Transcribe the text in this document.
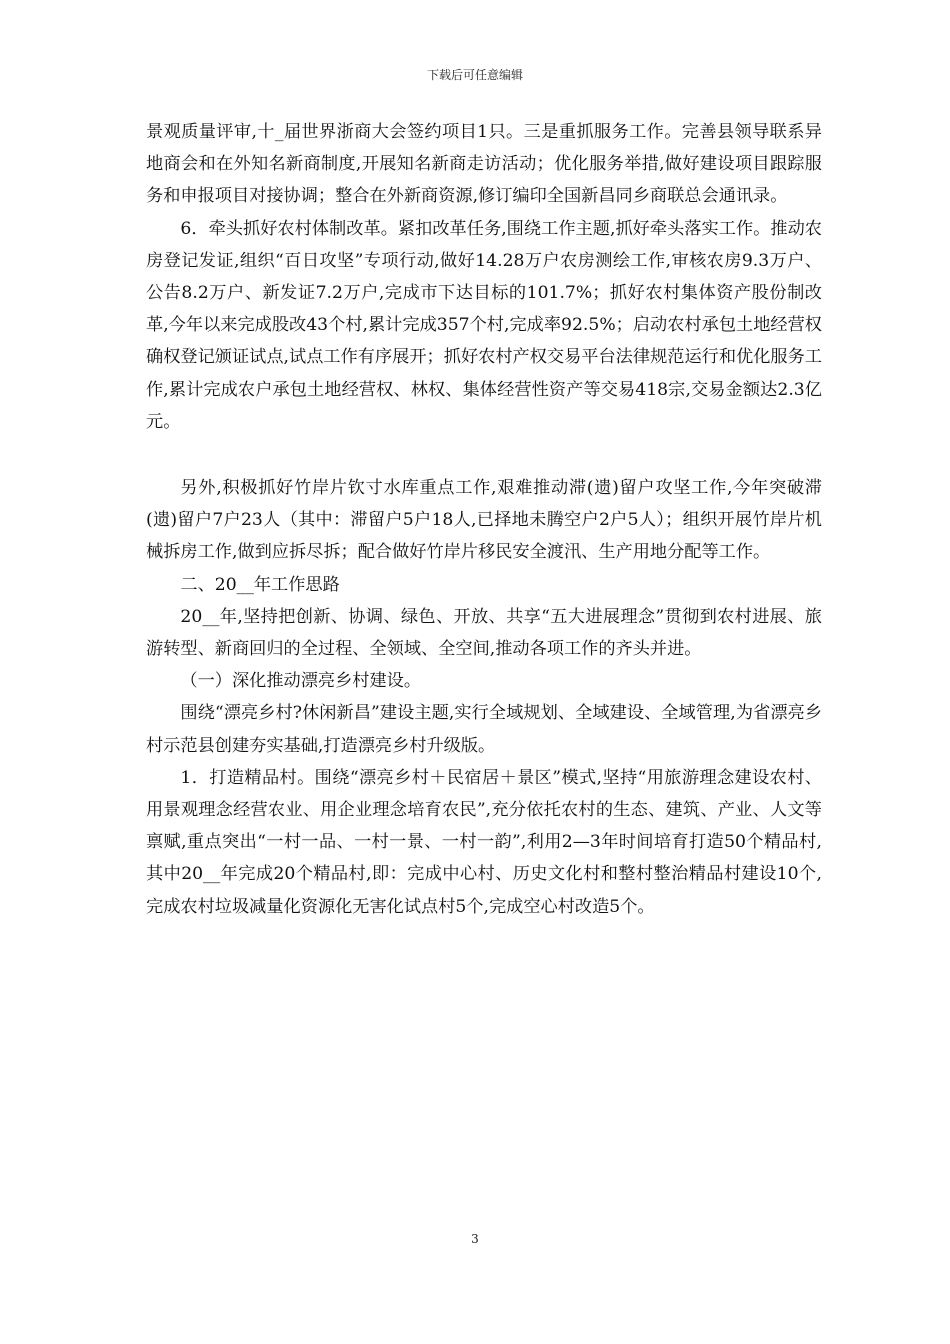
下载后可任意编辑

景观质量评审,十_届世界浙商大会签约项目1只。三是重抓服务工作。完善县领导联系异地商会和在外知名新商制度,开展知名新商走访活动；优化服务举措,做好建设项目跟踪服务和申报项目对接协调；整合在外新商资源,修订编印全国新昌同乡商联总会通讯录。

6．牵头抓好农村体制改革。紧扣改革任务,围绕工作主题,抓好牵头落实工作。推动农房登记发证,组织“百日攻坚”专项行动,做好14.28万户农房测绘工作,审核农房9.3万户、公告8.2万户、新发证7.2万户,完成市下达目标的101.7%；抓好农村集体资产股份制改革,今年以来完成股改43个村,累计完成357个村,完成率92.5%；启动农村承包土地经营权确权登记颁证试点,试点工作有序展开；抓好农村产权交易平台法律规范运行和优化服务工作,累计完成农户承包土地经营权、林权、集体经营性资产等交易418宗,交易金额达2.3亿元。

另外,积极抓好竹岸片钦寸水库重点工作,艰难推动滞(遗)留户攻坚工作,今年突破滞(遗)留户7户23人（其中：滞留户5户18人,已择地未腾空户2户5人）；组织开展竹岸片机械拆房工作,做到应拆尽拆；配合做好竹岸片移民安全渡汛、生产用地分配等工作。

二、20__年工作思路

20__年,坚持把创新、协调、绿色、开放、共享“五大进展理念”贯彻到农村进展、旅游转型、新商回归的全过程、全领域、全空间,推动各项工作的齐头并进。

（一）深化推动漂亮乡村建设。

围绕“漂亮乡村?休闲新昌”建设主题,实行全域规划、全域建设、全域管理,为省漂亮乡村示范县创建夯实基础,打造漂亮乡村升级版。

1．打造精品村。围绕“漂亮乡村＋民宿居＋景区”模式,坚持“用旅游理念建设农村、用景观理念经营农业、用企业理念培育农民”,充分依托农村的生态、建筑、产业、人文等禀赋,重点突出“一村一品、一村一景、一村一韵”,利用2—3年时间培育打造50个精品村,其中20__年完成20个精品村,即：完成中心村、历史文化村和整村整治精品村建设10个,完成农村垃圾减量化资源化无害化试点村5个,完成空心村改造5个。

3
